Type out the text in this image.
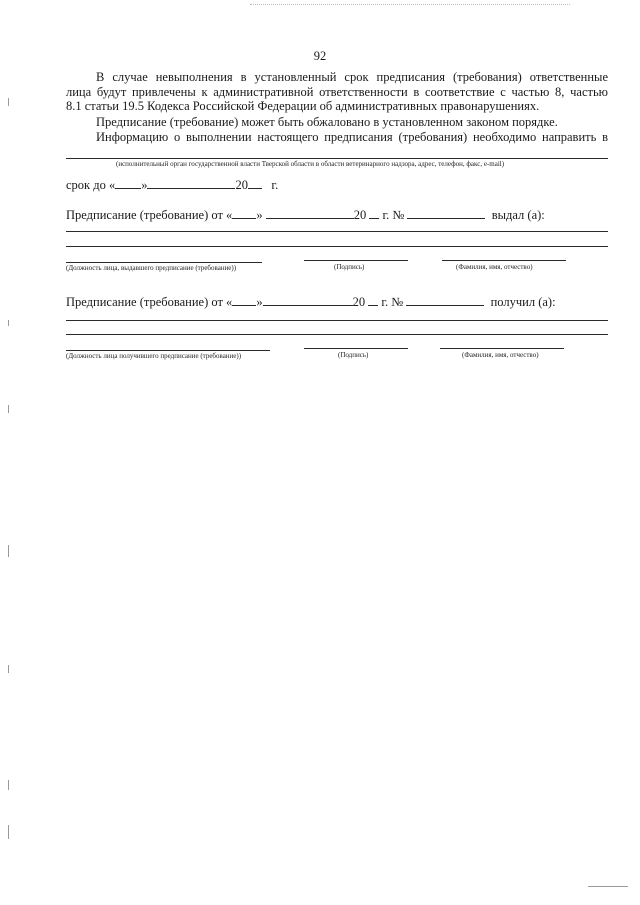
92
В случае невыполнения в установленный срок предписания (требования) ответственные
лица будут привлечены к административной ответственности в соответствие с частью 8, частью
8.1 статьи 19.5 Кодекса Российской Федерации об административных правонарушениях.
Предписание (требование) может быть обжаловано в установленном законом порядке.
Информацию о выполнении настоящего предписания (требования) необходимо направить в
(исполнительный орган государственной власти Тверской области в области ветеринарного надзора, адрес, телефон, факс, e-mail)
срок до « »	20 г.
Предписание (требование) от « »	20 г. №	выдал (а):
(Должность лица, выдавшего предписание (требование))	(Подпись)	(Фамилия, имя, отчество)
Предписание (требование) от « »	20 г. №	получил (а):
(Должность лица получившего предписание (требование))	(Подпись)	(Фамилия, имя, отчество)
